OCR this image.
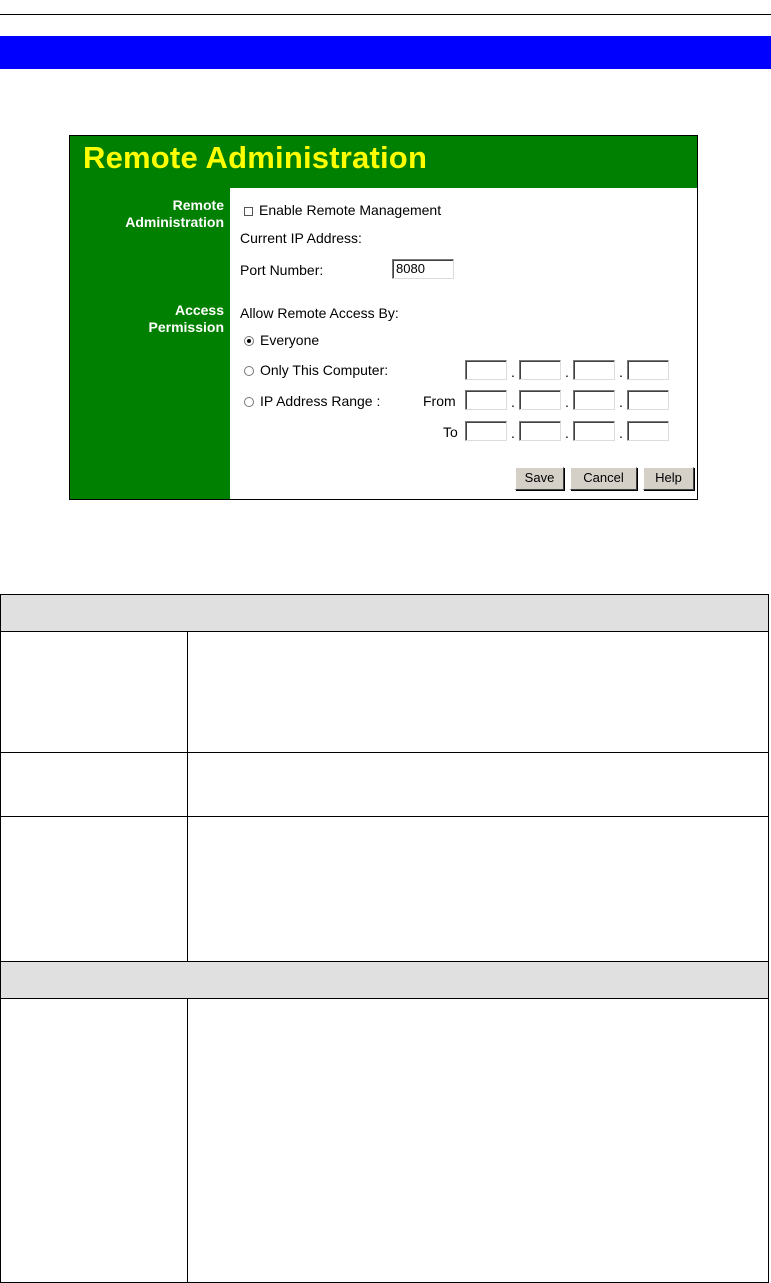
Remote Administration
Remote
Administration
Access
Permission
Enable Remote Management
Current IP Address:
Port Number:	8080
Allow Remote Access By:
Everyone
Only This Computer:	.	.	.
IP Address Range :	From	.	.	.
To	.	.	.
Save	Cancel	Help
